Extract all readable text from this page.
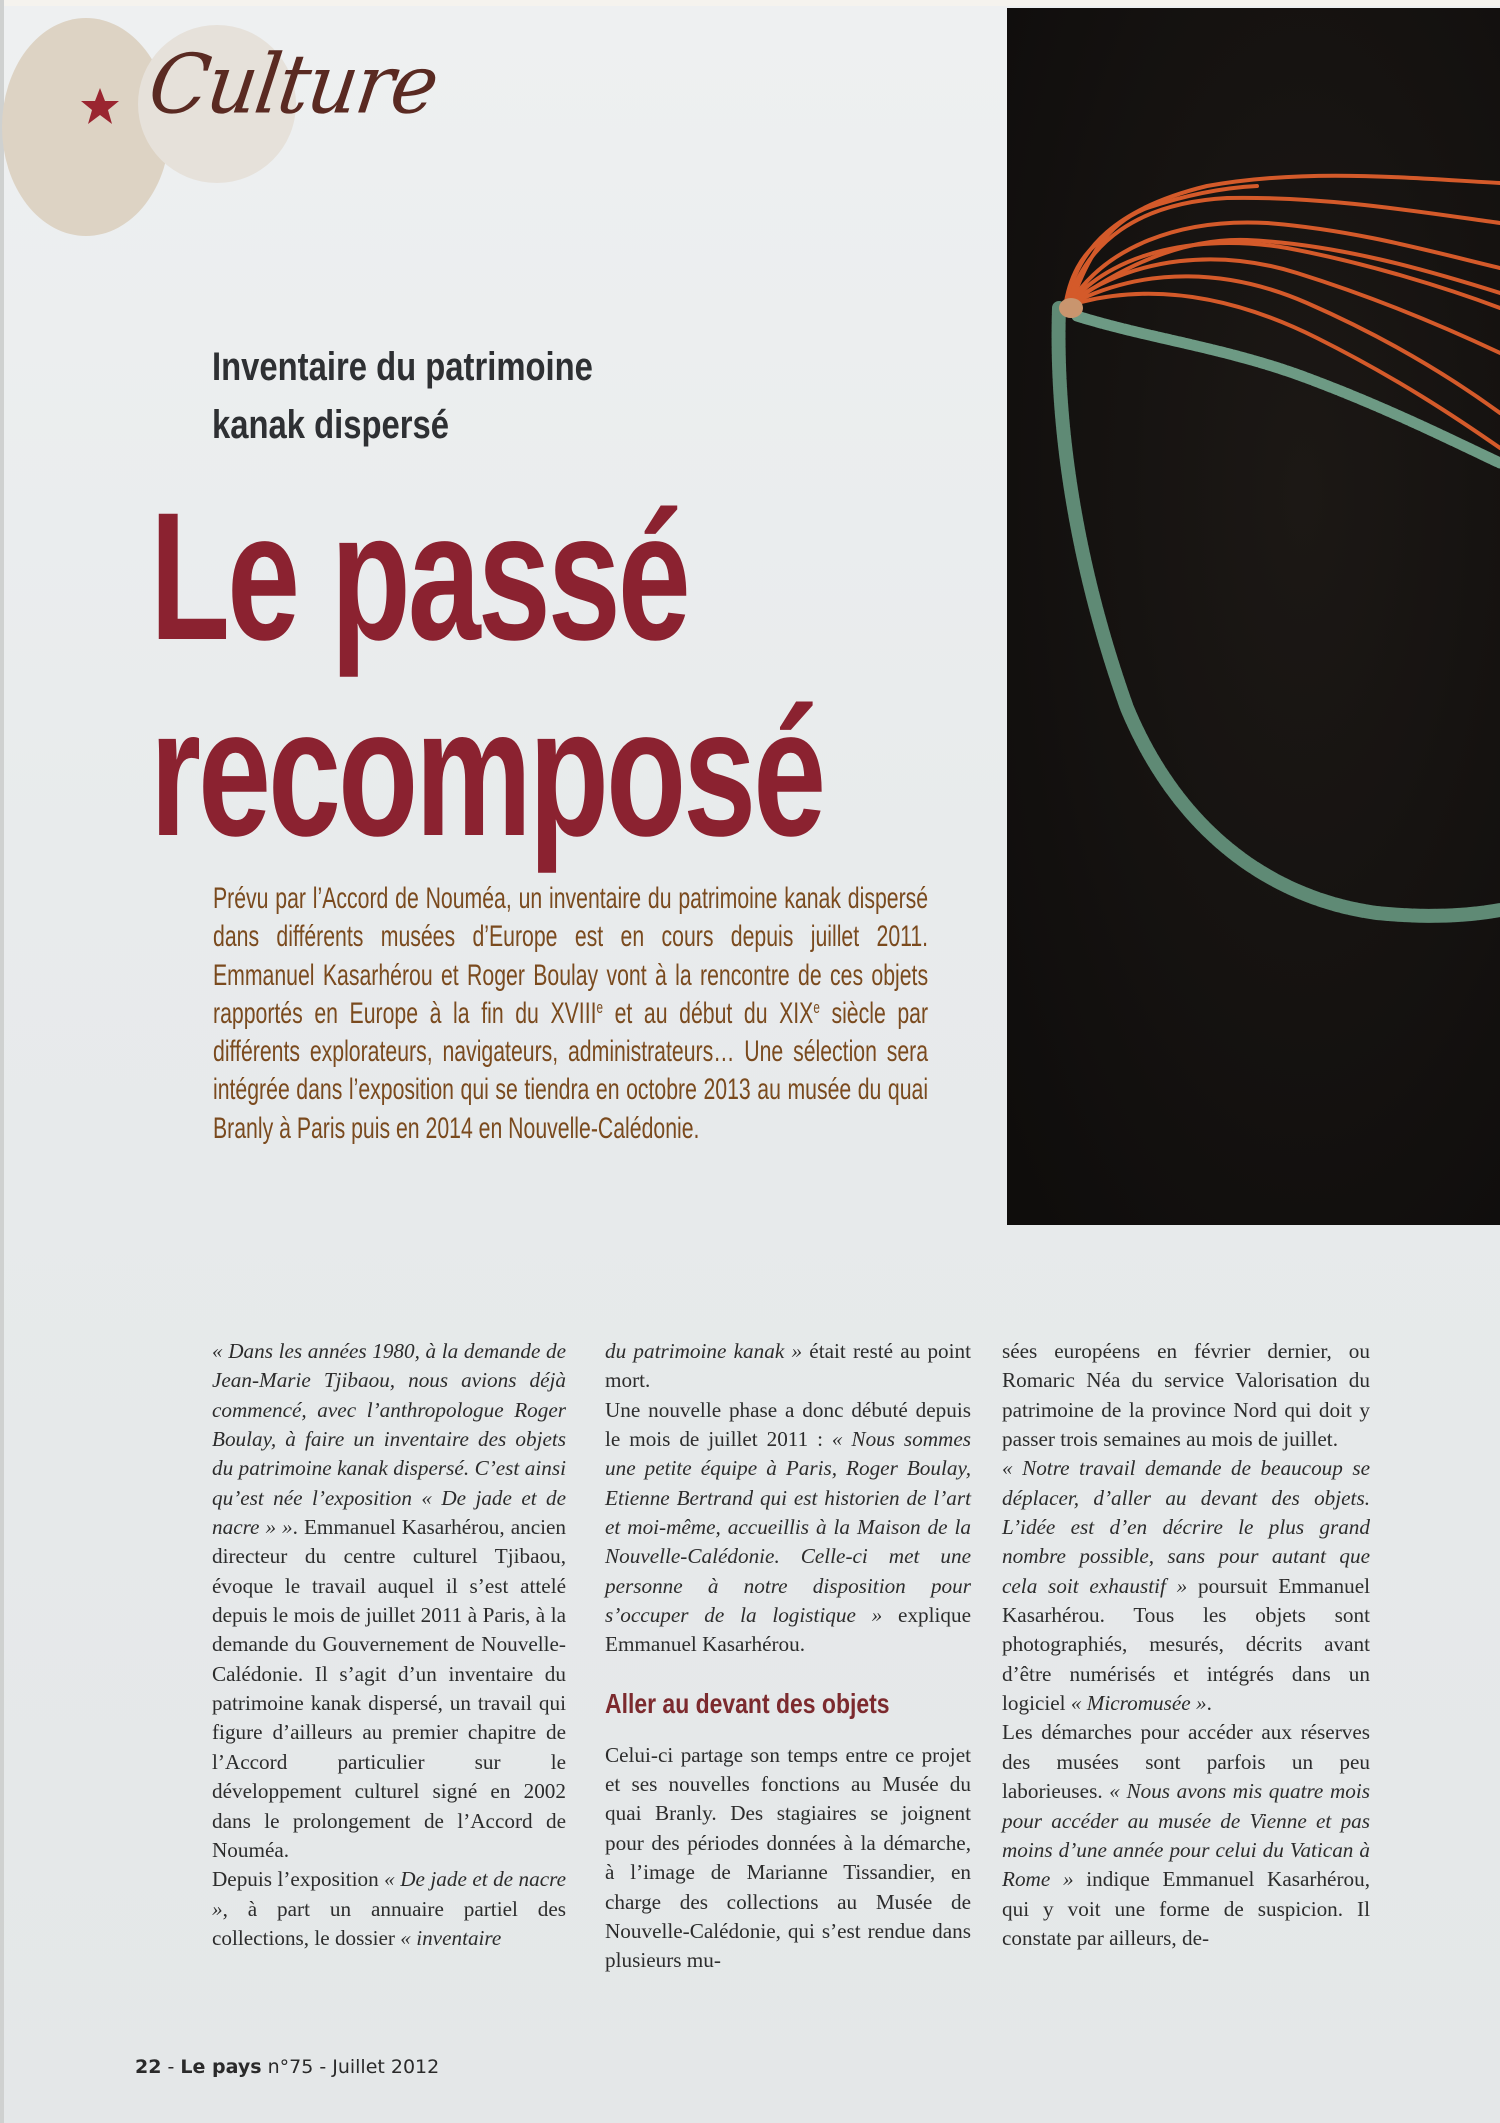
Culture
Inventaire du patrimoine
kanak dispersé
Le passé
recomposé
Prévu par l’Accord de Nouméa, un inventaire du patrimoine kanak dispersé dans différents musées d’Europe est en cours depuis juillet 2011. Emmanuel Kasarhérou et Roger Boulay vont à la rencontre de ces objets rapportés en Europe à la fin du XVIIIe et au début du XIXe siècle par différents explorateurs, navigateurs, administrateurs… Une sélection sera intégrée dans l’exposition qui se tiendra en octobre 2013 au musée du quai Branly à Paris puis en 2014 en Nouvelle-Calédonie.

« Dans les années 1980, à la demande de Jean-Marie Tjibaou, nous avions déjà commencé, avec l’anthropologue Roger Boulay, à faire un inventaire des objets du patrimoine kanak dispersé. C’est ainsi qu’est née l’exposition « De jade et de nacre » ». Emmanuel Kasarhérou, ancien directeur du centre culturel Tjibaou, évoque le travail auquel il s’est attelé depuis le mois de juillet 2011 à Paris, à la demande du Gouvernement de Nouvelle-Calédonie. Il s’agit d’un inventaire du patrimoine kanak dispersé, un travail qui figure d’ailleurs au premier chapitre de l’Accord particulier sur le développement culturel signé en 2002 dans le prolongement de l’Accord de Nouméa.

Depuis l’exposition « De jade et de nacre », à part un annuaire partiel des collections, le dossier « inventaire

du patrimoine kanak » était resté au point mort.

Une nouvelle phase a donc débuté depuis le mois de juillet 2011 : « Nous sommes une petite équipe à Paris, Roger Boulay, Etienne Bertrand qui est historien de l’art et moi-même, accueillis à la Maison de la Nouvelle-Calédonie. Celle-ci met une personne à notre disposition pour s’occuper de la logistique » explique Emmanuel Kasarhérou.

Aller au devant des objets

Celui-ci partage son temps entre ce projet et ses nouvelles fonctions au Musée du quai Branly. Des stagiaires se joignent pour des périodes données à la démarche, à l’image de Marianne Tissandier, en charge des collections au Musée de Nouvelle-Calédonie, qui s’est rendue dans plusieurs mu-

sées européens en février dernier, ou Romaric Néa du service Valorisation du patrimoine de la province Nord qui doit y passer trois semaines au mois de juillet.

« Notre travail demande de beaucoup se déplacer, d’aller au devant des objets. L’idée est d’en décrire le plus grand nombre possible, sans pour autant que cela soit exhaustif » poursuit Emmanuel Kasarhérou. Tous les objets sont photographiés, mesurés, décrits avant d’être numérisés et intégrés dans un logiciel « Micromusée ».

Les démarches pour accéder aux réserves des musées sont parfois un peu laborieuses. « Nous avons mis quatre mois pour accéder au musée de Vienne et pas moins d’une année pour celui du Vatican à Rome » indique Emmanuel Kasarhérou, qui y voit une forme de suspicion. Il constate par ailleurs, de-

22 - Le pays n°75 - Juillet 2012
